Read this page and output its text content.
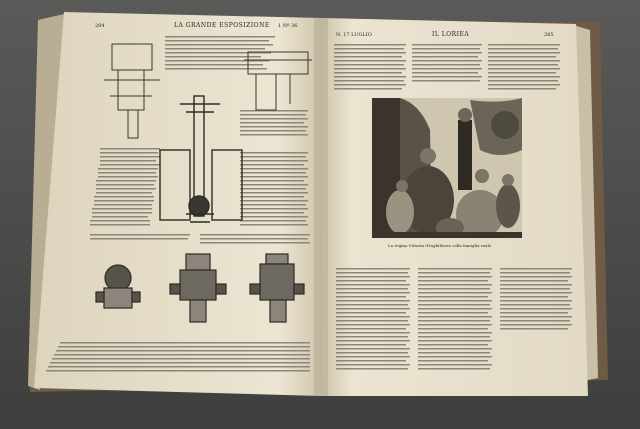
284	LA GRANDE ESPOSIZIONE 1 Nº 36
N. 17 LUGLIO	IL LORIEA	285
La regina Vittoria d'Inghilterra colla famiglia reale
